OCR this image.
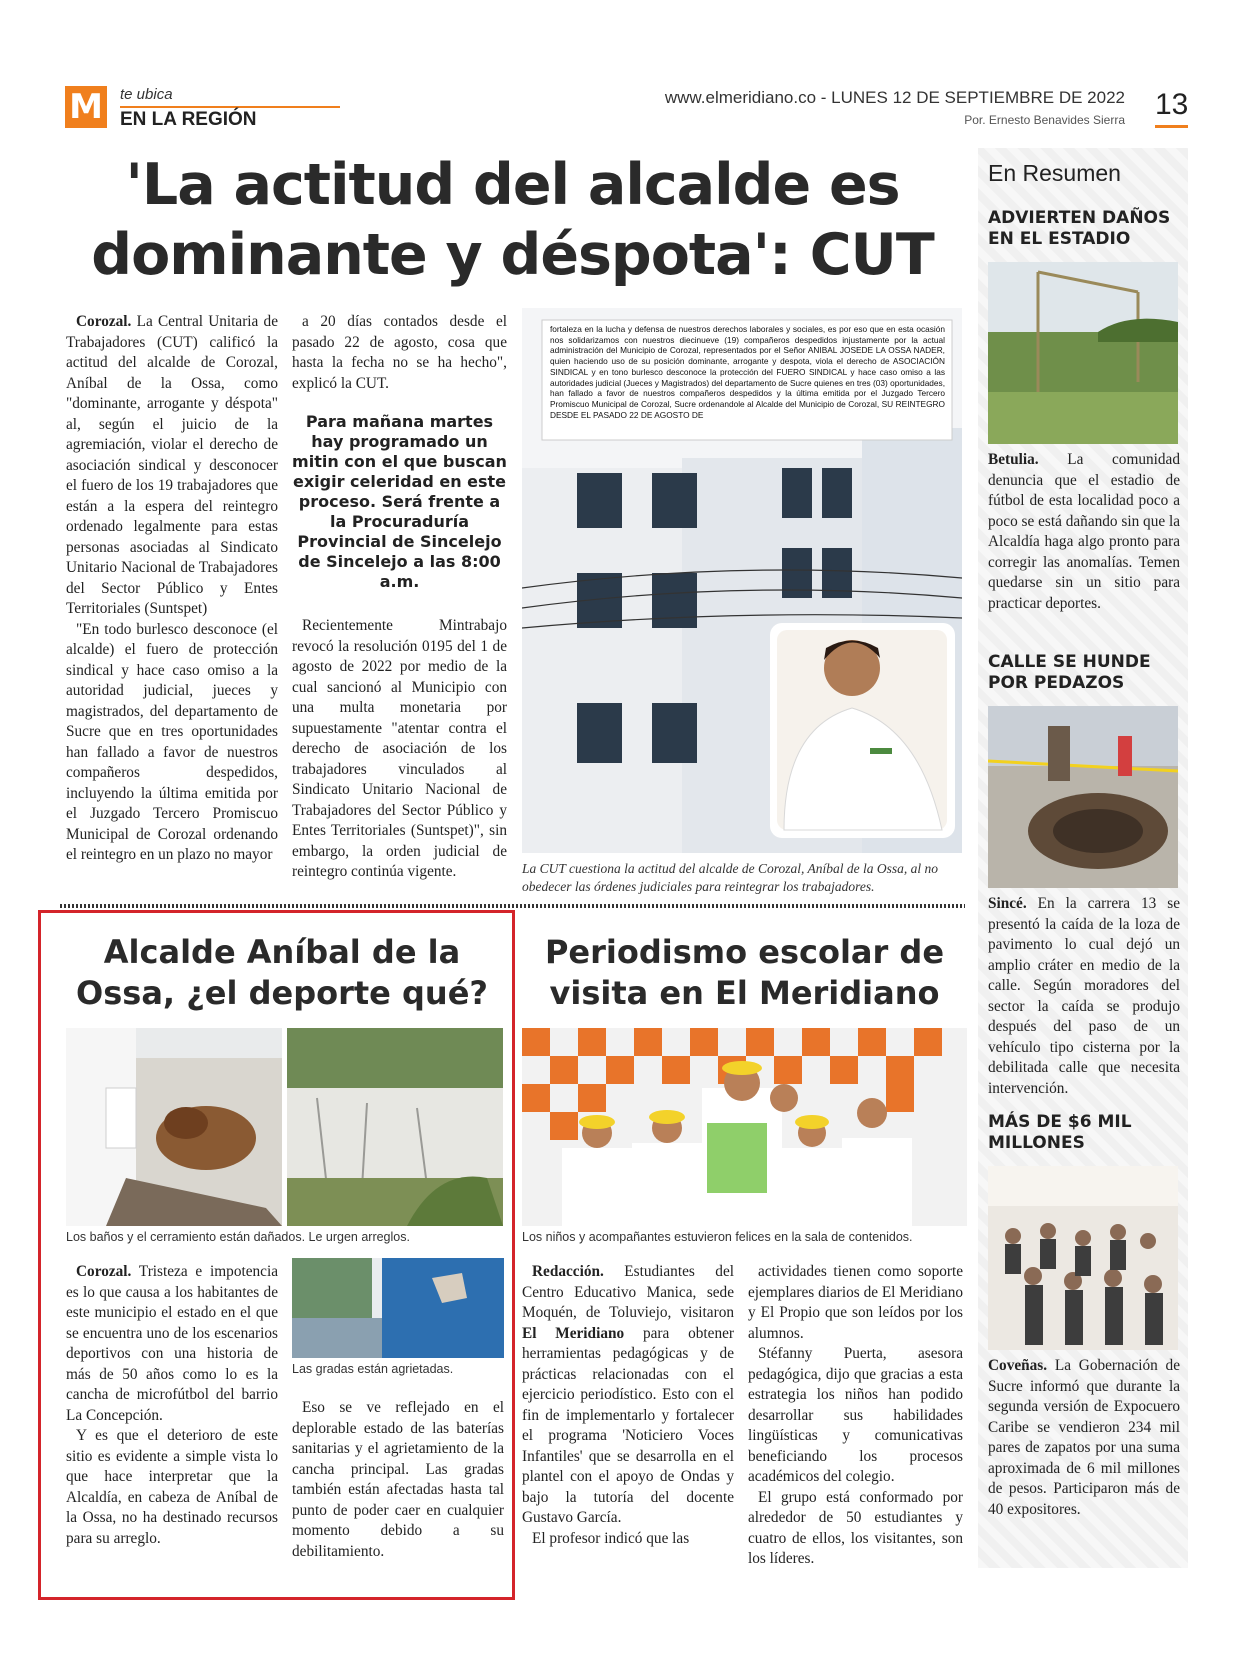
M te ubica
EN LA REGIÓN
www.elmeridiano.co - LUNES 12 DE SEPTIEMBRE DE 2022
Por. Ernesto Benavides Sierra 13
'La actitud del alcalde es
dominante y déspota': CUT

Corozal. La Central Unitaria de Trabajadores (CUT) calificó la actitud del alcalde de Corozal, Aníbal de la Ossa, como "dominante, arrogante y déspota" al, según el juicio de la agremiación, violar el derecho de asociación sindical y desconocer el fuero de los 19 trabajadores que están a la espera del reintegro ordenado legalmente para estas personas asociadas al Sindicato Unitario Nacional de Trabajadores del Sector Público y Entes Territoriales (Suntspet)

"En todo burlesco desconoce (el alcalde) el fuero de protección sindical y hace caso omiso a la autoridad judicial, jueces y magistrados, del departamento de Sucre que en tres oportunidades han fallado a favor de nuestros compañeros despedidos, incluyendo la última emitida por el Juzgado Tercero Promiscuo Municipal de Corozal ordenando el reintegro en un plazo no mayor

a 20 días contados desde el pasado 22 de agosto, cosa que hasta la fecha no se ha hecho", explicó la CUT.

Para mañana martes hay programado un mitin con el que buscan exigir celeridad en este proceso. Será frente a la Procuraduría Provincial de Sincelejo de Sincelejo a las 8:00 a.m.

Recientemente Mintrabajo revocó la resolución 0195 del 1 de agosto de 2022 por medio de la cual sancionó al Municipio con una multa monetaria por supuestamente "atentar contra el derecho de asociación de los trabajadores vinculados al Sindicato Unitario Nacional de Trabajadores del Sector Público y Entes Territoriales (Suntspet)", sin embargo, la orden judicial de reintegro continúa vigente.

fortaleza en la lucha y defensa de nuestros derechos laborales y sociales, es por eso que en esta ocasión nos solidarizamos con nuestros diecinueve (19) compañeros despedidos injustamente por la actual administración del Municipio de Corozal, representados por el Señor ANIBAL JOSEDE LA OSSA NADER, quien haciendo uso de su posición dominante, arrogante y despota, viola el derecho de ASOCIACIÓN SINDICAL y en tono burlesco desconoce la protección del FUERO SINDICAL y hace caso omiso a las autoridades judicial (Jueces y Magistrados) del departamento de Sucre quienes en tres (03) oportunidades, han fallado a favor de nuestros compañeros despedidos y la última emitida por el Juzgado Tercero Promiscuo Municipal de Corozal, Sucre ordenandole al Alcalde del Municipio de Corozal, SU REINTEGRO DESDE EL PASADO 22 DE AGOSTO DE
La CUT cuestiona la actitud del alcalde de Corozal, Aníbal de la Ossa, al no obedecer las órdenes judiciales para reintegrar los trabajadores.
Alcalde Aníbal de la Ossa, ¿el deporte qué?
Los baños y el cerramiento están dañados. Le urgen arreglos.

Corozal. Tristeza e impotencia es lo que causa a los habitantes de este municipio el estado en el que se encuentra uno de los escenarios deportivos con una historia de más de 50 años como lo es la cancha de microfútbol del barrio La Concepción.

Y es que el deterioro de este sitio es evidente a simple vista lo que hace interpretar que la Alcaldía, en cabeza de Aníbal de la Ossa, no ha destinado recursos para su arreglo.

Las gradas están agrietadas.

Eso se ve reflejado en el deplorable estado de las baterías sanitarias y el agrietamiento de la cancha principal. Las gradas también están afectadas hasta tal punto de poder caer en cualquier momento debido a su debilitamiento.

Periodismo escolar de visita en El Meridiano
Los niños y acompañantes estuvieron felices en la sala de contenidos.

Redacción. Estudiantes del Centro Educativo Manica, sede Moquén, de Toluviejo, visitaron El Meridiano para obtener herramientas pedagógicas y de prácticas relacionadas con el ejercicio periodístico. Esto con el fin de implementarlo y fortalecer el programa 'Noticiero Voces Infantiles' que se desarrolla en el plantel con el apoyo de Ondas y bajo la tutoría del docente Gustavo García.

El profesor indicó que las

actividades tienen como soporte ejemplares diarios de El Meridiano y El Propio que son leídos por los alumnos.

Stéfanny Puerta, asesora pedagógica, dijo que gracias a esta estrategia los niños han podido desarrollar sus habilidades lingüísticas y comunicativas beneficiando los procesos académicos del colegio.

El grupo está conformado por alrededor de 50 estudiantes y cuatro de ellos, los visitantes, son los líderes.

En Resumen
ADVIERTEN DAÑOS EN EL ESTADIO
Betulia. La comunidad denuncia que el estadio de fútbol de esta localidad poco a poco se está dañando sin que la Alcaldía haga algo pronto para corregir las anomalías. Temen quedarse sin un sitio para practicar deportes.
CALLE SE HUNDE POR PEDAZOS
Sincé. En la carrera 13 se presentó la caída de la loza de pavimento lo cual dejó un amplio cráter en medio de la calle. Según moradores del sector la caída se produjo después del paso de un vehículo tipo cisterna por la debilitada calle que necesita intervención.
MÁS DE $6 MIL MILLONES
Coveñas. La Gobernación de Sucre informó que durante la segunda versión de Expocuero Caribe se vendieron 234 mil pares de zapatos por una suma aproximada de 6 mil millones de pesos. Participaron más de 40 expositores.
